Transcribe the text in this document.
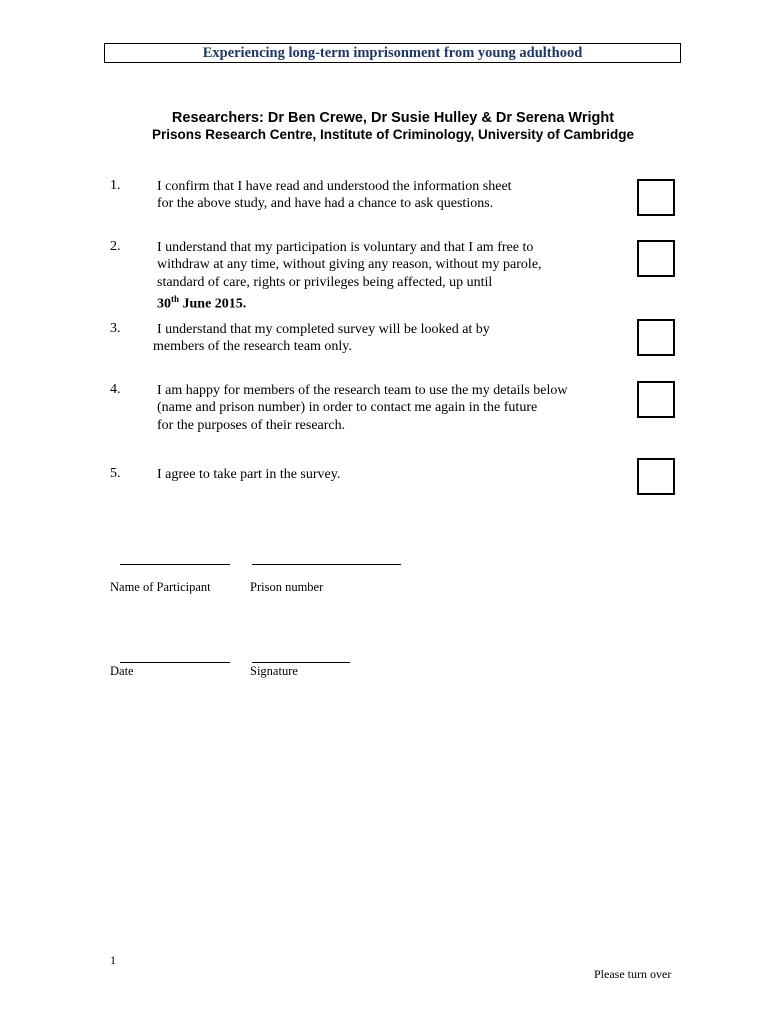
Experiencing long-term imprisonment from young adulthood
Researchers: Dr Ben Crewe, Dr Susie Hulley & Dr Serena Wright
Prisons Research Centre, Institute of Criminology, University of Cambridge
1.	I confirm that I have read and understood the information sheet
for the above study, and have had a chance to ask questions.
2.	I understand that my participation is voluntary and that I am free to
withdraw at any time, without giving any reason, without my parole,
standard of care, rights or privileges being affected, up until
30th June 2015.
3.	I understand that my completed survey will be looked at by
members of the research team only.
4.	I am happy for members of the research team to use the my details below
(name and prison number) in order to contact me again in the future
for the purposes of their research.
5.	I agree to take part in the survey.
Name of Participant	Prison number
Date	Signature
1
Please turn over
